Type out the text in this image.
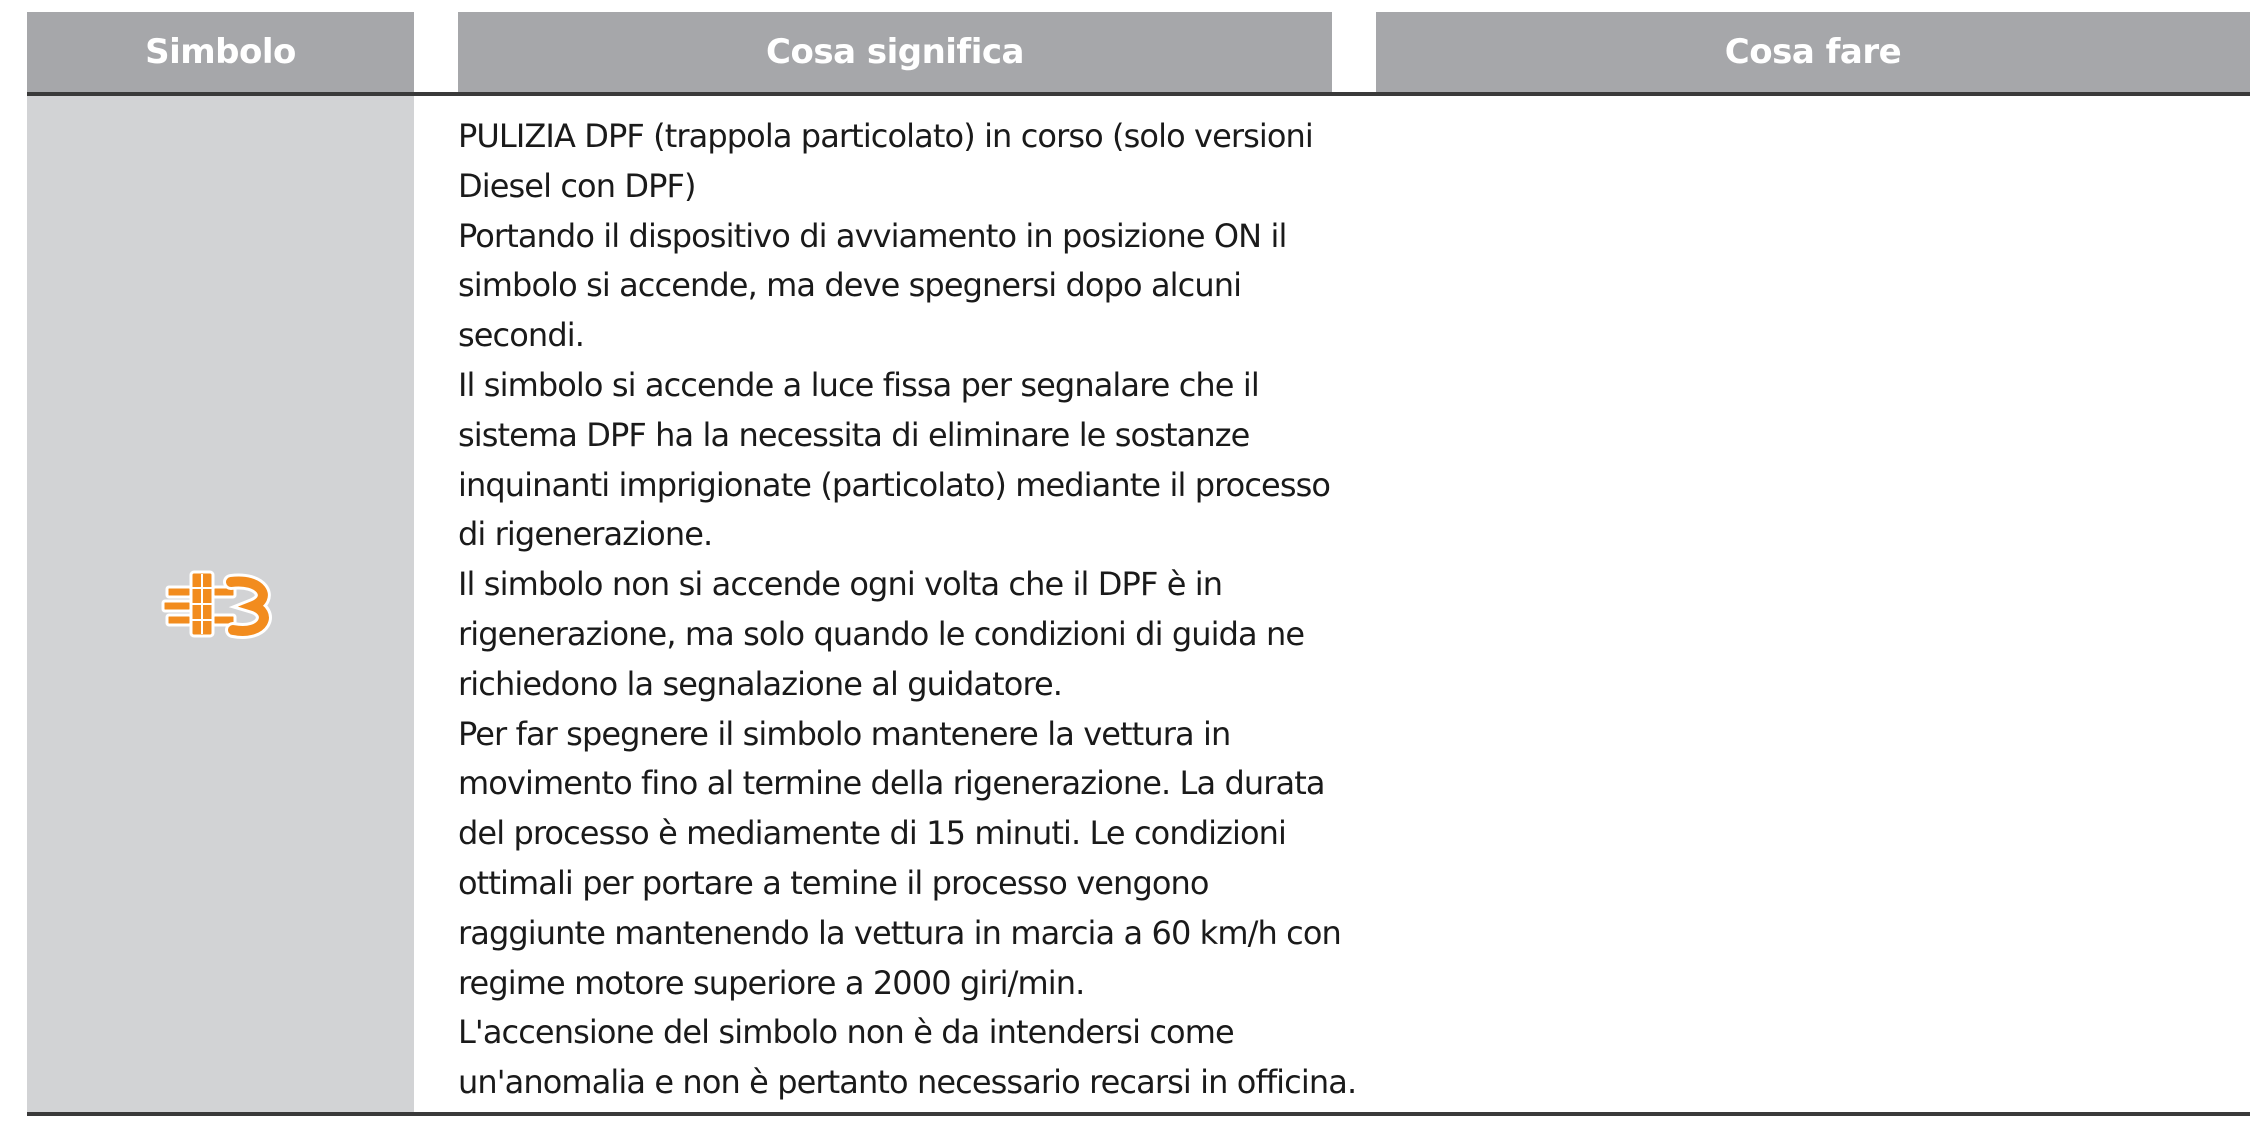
Simbolo	Cosa significa	Cosa fare
PULIZIA DPF (trappola particolato) in corso (solo versioni
Diesel con DPF)
Portando il dispositivo di avviamento in posizione ON il
simbolo si accende, ma deve spegnersi dopo alcuni
secondi.
Il simbolo si accende a luce fissa per segnalare che il
sistema DPF ha la necessita di eliminare le sostanze
inquinanti imprigionate (particolato) mediante il processo
di rigenerazione.
Il simbolo non si accende ogni volta che il DPF è in
rigenerazione, ma solo quando le condizioni di guida ne
richiedono la segnalazione al guidatore.
Per far spegnere il simbolo mantenere la vettura in
movimento fino al termine della rigenerazione. La durata
del processo è mediamente di 15 minuti. Le condizioni
ottimali per portare a temine il processo vengono
raggiunte mantenendo la vettura in marcia a 60 km/h con
regime motore superiore a 2000 giri/min.
L'accensione del simbolo non è da intendersi come
un'anomalia e non è pertanto necessario recarsi in officina.
